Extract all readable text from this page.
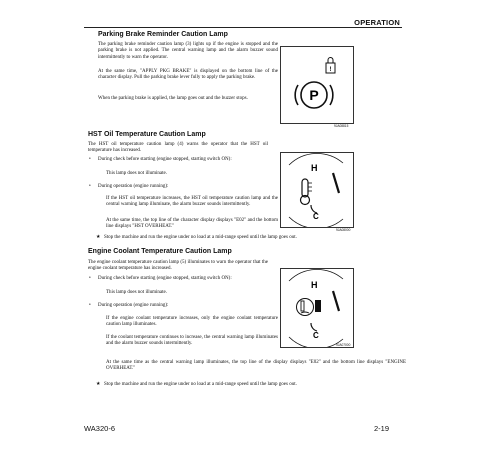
OPERATION
Parking Brake Reminder Caution Lamp
The parking brake reminder caution lamp (3) lights up if the engine is stopped and the parking brake is not applied. The central warning lamp and the alarm buzzer sound intermittently to warn the operator.
At the same time, "APPLY PKG BRAKE" is displayed on the bottom line of the character display. Pull the parking brake lever fully to apply the parking brake.
When the parking brake is applied, the lamp goes out and the buzzer stops.	P
!
9JA08815
HST Oil Temperature Caution Lamp
The HST oil temperature caution lamp (4) warns the operator that the HST oil temperature has increased.
• During check before starting (engine stopped, starting switch ON):
This lamp does not illuminate.
• During operation (engine running):
If the HST oil temperature increases, the HST oil temperature caution lamp and the central warning lamp illuminate, the alarm buzzer sounds intermittently.
At the same time, the top line of the character display displays "E02" and the bottom line displays "HST OVERHEAT."
H
C
9JA08000
★ Stop the machine and run the engine under no load at a mid-range speed until the lamp goes out.
Engine Coolant Temperature Caution Lamp
The engine coolant temperature caution lamp (5) illuminates to warn the operator that the engine coolant temperature has increased.
• During check before starting (engine stopped, starting switch ON):
This lamp does not illuminate.
• During operation (engine running):
If the engine coolant temperature increases, only the engine coolant temperature caution lamp illuminates.
If the coolant temperature continues to increase, the central warning lamp illuminates and the alarm buzzer sounds intermittently.
At the same time as the central warning lamp illuminates, the top line of the display displays "E02" and the bottom line displays "ENGINE OVERHEAT."
H
C
9JA07000
★ Stop the machine and run the engine under no load at a mid-range speed until the lamp goes out.
WA320-6	2-19
